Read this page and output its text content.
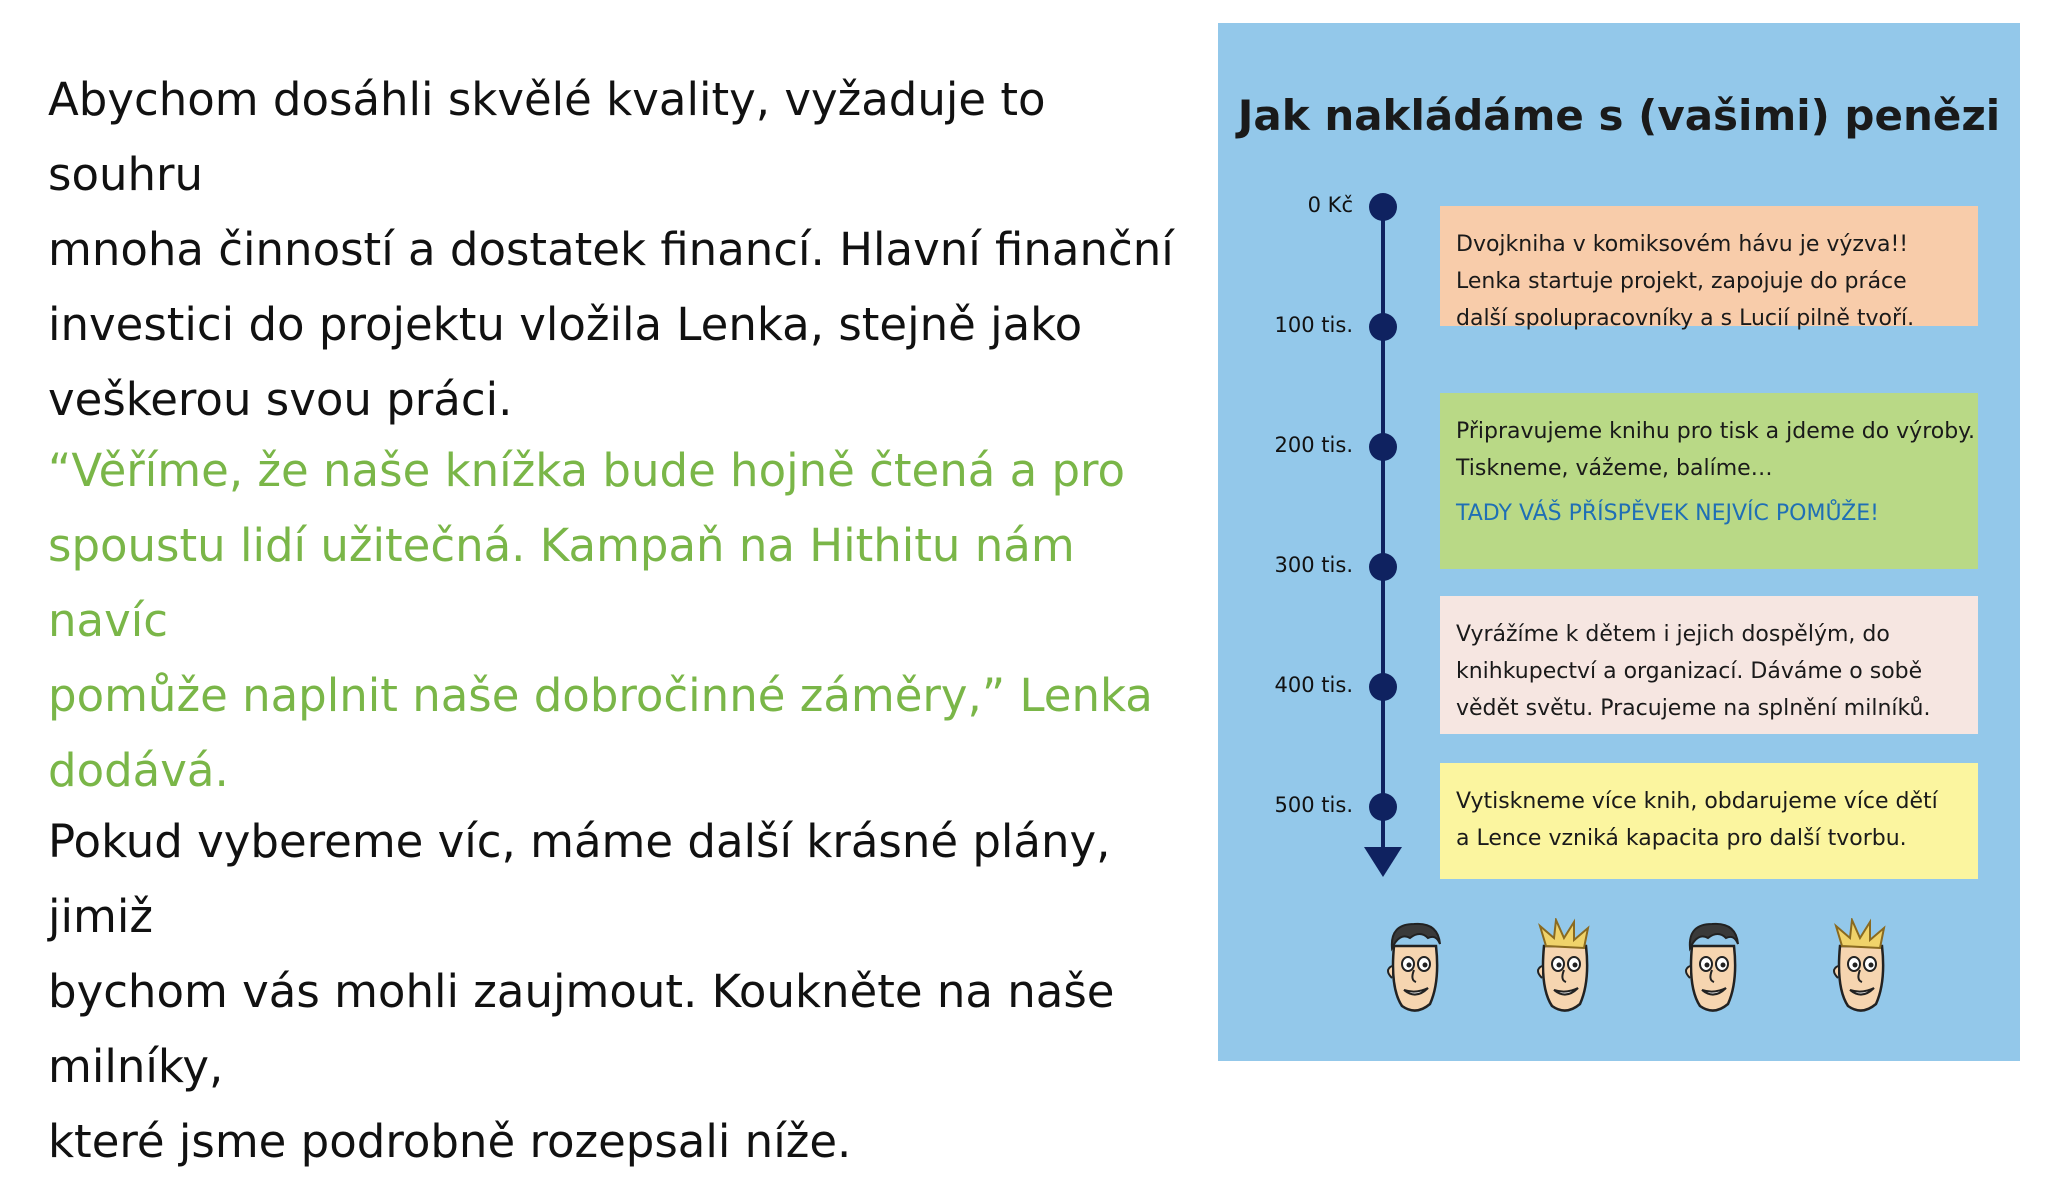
Abychom dosáhli skvělé kvality, vyžaduje to souhru
mnoha činností a dostatek financí. Hlavní finanční
investici do projektu vložila Lenka, stejně jako
veškerou svou práci.

“Věříme, že naše knížka bude hojně čtená a pro
spoustu lidí užitečná. Kampaň na Hithitu nám navíc
pomůže naplnit naše dobročinné záměry,” Lenka
dodává.

Pokud vybereme víc, máme další krásné plány, jimiž
bychom vás mohli zaujmout. Koukněte na naše milníky,
které jsme podrobně rozepsali níže.

Jak nakládáme s (vašimi) penězi
Dvojkniha v komiksovém hávu je výzva!!
Lenka startuje projekt, zapojuje do práce
další spolupracovníky a s Lucií pilně tvoří.
Připravujeme knihu pro tisk a jdeme do výroby.
Tiskneme, vážeme, balíme…
TADY VÁŠ PŘÍSPĚVEK NEJVÍC POMŮŽE!
Vyrážíme k dětem i jejich dospělým, do
knihkupectví a organizací. Dáváme o sobě
vědět světu. Pracujeme na splnění milníků.
Vytiskneme více knih, obdarujeme více dětí
a Lence vzniká kapacita pro další tvorbu.
0 Kč
100 tis.
200 tis.
300 tis.
400 tis.
500 tis.
